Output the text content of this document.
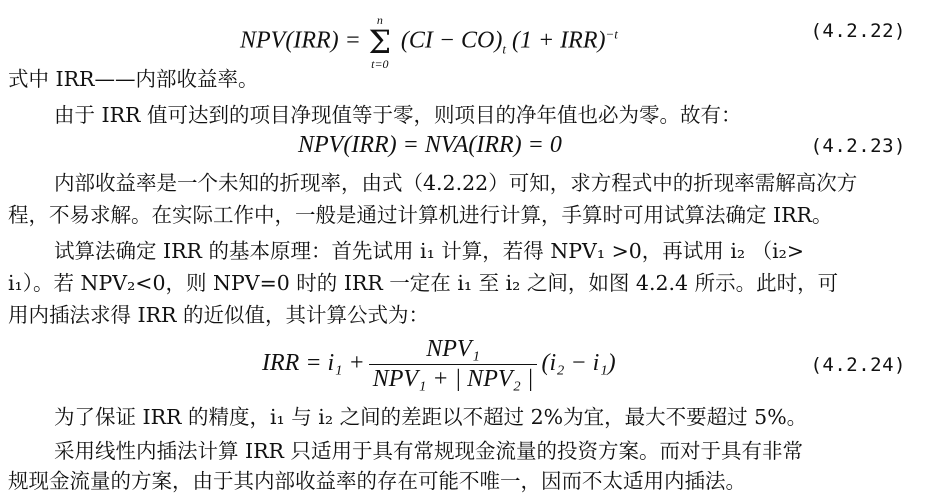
NPV(IRR) =
n
Σ
t=0
$(CI - CO)_t$ (1 + IRR)$^{-t}$	(4.2.22)
式中 IRR——内部收益率。
由于 IRR 值可达到的项目净现值等于零，则项目的净年值也必为零。故有：
NPV(IRR) = NVA(IRR) = 0	(4.2.23)
内部收益率是一个未知的折现率，由式（4.2.22）可知，求方程式中的折现率需解高次方
程，不易求解。在实际工作中，一般是通过计算机进行计算，手算时可用试算法确定 IRR。
试算法确定 IRR 的基本原理：首先试用 i₁ 计算，若得 NPV₁ >0，再试用 i₂ （i₂>
i₁）。若 NPV₂<0，则 NPV=0 时的 IRR 一定在 i₁ 至 i₂ 之间，如图 4.2.4 所示。此时，可
用内插法求得 IRR 的近似值，其计算公式为：
IRR = $i_1 + \frac{\text{NPV₁}}{\text{NPV₁ + | NPV₂ |}} (i_2 - i_1)$	(4.2.24)
为了保证 IRR 的精度，i₁ 与 i₂ 之间的差距以不超过 2%为宜，最大不要超过 5%。
采用线性内插法计算 IRR 只适用于具有常规现金流量的投资方案。而对于具有非常
规现金流量的方案，由于其内部收益率的存在可能不唯一，因而不太适用内插法。
